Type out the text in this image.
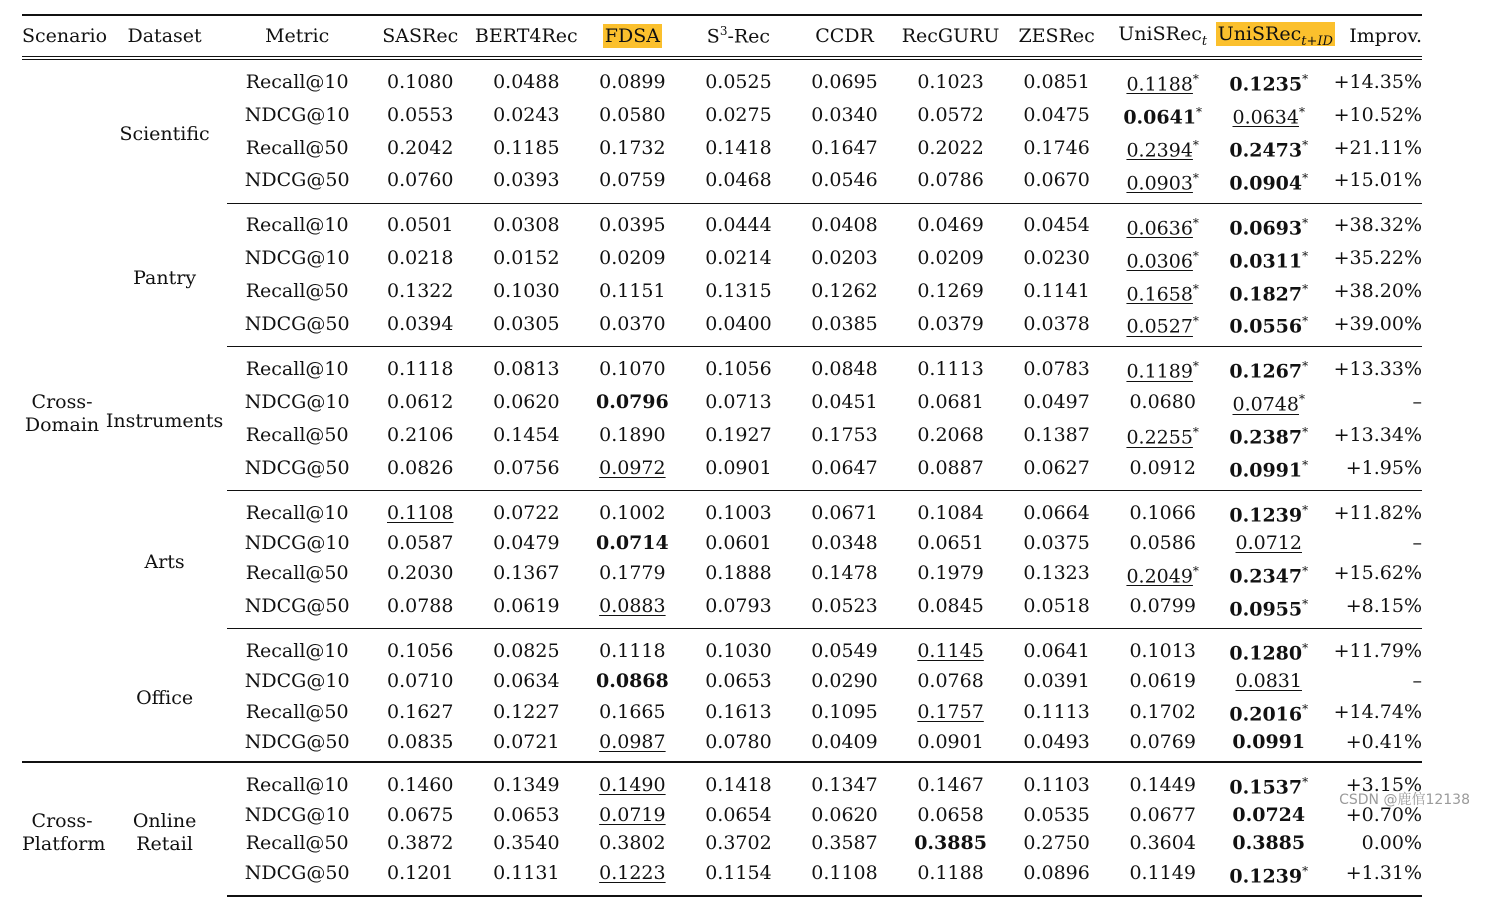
Scenario	Dataset	Metric	SASRec	BERT4Rec	FDSA	$S^3$-Rec	CCDR	RecGURU	ZESRec	UniSRec$_t$	UniSRec$_{t+ID}$	Improv.
Cross-Domain	Scientific	Recall@10	0.1080	0.0488	0.0899	0.0525	0.0695	0.1023	0.0851	0.1188*	0.1235*	+14.35%
		NDCG@10	0.0553	0.0243	0.0580	0.0275	0.0340	0.0572	0.0475	0.0641*	0.0634*	+10.52%
		Recall@50	0.2042	0.1185	0.1732	0.1418	0.1647	0.2022	0.1746	0.2394*	0.2473*	+21.11%
		NDCG@50	0.0760	0.0393	0.0759	0.0468	0.0546	0.0786	0.0670	0.0903*	0.0904*	+15.01%
	Pantry	Recall@10	0.0501	0.0308	0.0395	0.0444	0.0408	0.0469	0.0454	0.0636*	0.0693*	+38.32%
		NDCG@10	0.0218	0.0152	0.0209	0.0214	0.0203	0.0209	0.0230	0.0306*	0.0311*	+35.22%
		Recall@50	0.1322	0.1030	0.1151	0.1315	0.1262	0.1269	0.1141	0.1658*	0.1827*	+38.20%
		NDCG@50	0.0394	0.0305	0.0370	0.0400	0.0385	0.0379	0.0378	0.0527*	0.0556*	+39.00%
	Instruments	Recall@10	0.1118	0.0813	0.1070	0.1056	0.0848	0.1113	0.0783	0.1189*	0.1267*	+13.33%
		NDCG@10	0.0612	0.0620	0.0796	0.0713	0.0451	0.0681	0.0497	0.0680	0.0748*	–
		Recall@50	0.2106	0.1454	0.1890	0.1927	0.1753	0.2068	0.1387	0.2255*	0.2387*	+13.34%
		NDCG@50	0.0826	0.0756	0.0972	0.0901	0.0647	0.0887	0.0627	0.0912	0.0991*	+1.95%
	Arts	Recall@10	0.1108	0.0722	0.1002	0.1003	0.0671	0.1084	0.0664	0.1066	0.1239*	+11.82%
		NDCG@10	0.0587	0.0479	0.0714	0.0601	0.0348	0.0651	0.0375	0.0586	0.0712	–
		Recall@50	0.2030	0.1367	0.1779	0.1888	0.1478	0.1979	0.1323	0.2049*	0.2347*	+15.62%
		NDCG@50	0.0788	0.0619	0.0883	0.0793	0.0523	0.0845	0.0518	0.0799	0.0955*	+8.15%
	Office	Recall@10	0.1056	0.0825	0.1118	0.1030	0.0549	0.1145	0.0641	0.1013	0.1280*	+11.79%
		NDCG@10	0.0710	0.0634	0.0868	0.0653	0.0290	0.0768	0.0391	0.0619	0.0831	–
		Recall@50	0.1627	0.1227	0.1665	0.1613	0.1095	0.1757	0.1113	0.1702	0.2016*	+14.74%
		NDCG@50	0.0835	0.0721	0.0987	0.0780	0.0409	0.0901	0.0493	0.0769	0.0991	+0.41%
Cross-Platform	Online Retail	Recall@10	0.1460	0.1349	0.1490	0.1418	0.1347	0.1467	0.1103	0.1449	0.1537*	+3.15%
		NDCG@10	0.0675	0.0653	0.0719	0.0654	0.0620	0.0658	0.0535	0.0677	0.0724	+0.70%
		Recall@50	0.3872	0.3540	0.3802	0.3702	0.3587	0.3885	0.2750	0.3604	0.3885	0.00%
		NDCG@50	0.1201	0.1131	0.1223	0.1154	0.1108	0.1188	0.0896	0.1149	0.1239*	+1.31%
CSDN @鹿倌12138
